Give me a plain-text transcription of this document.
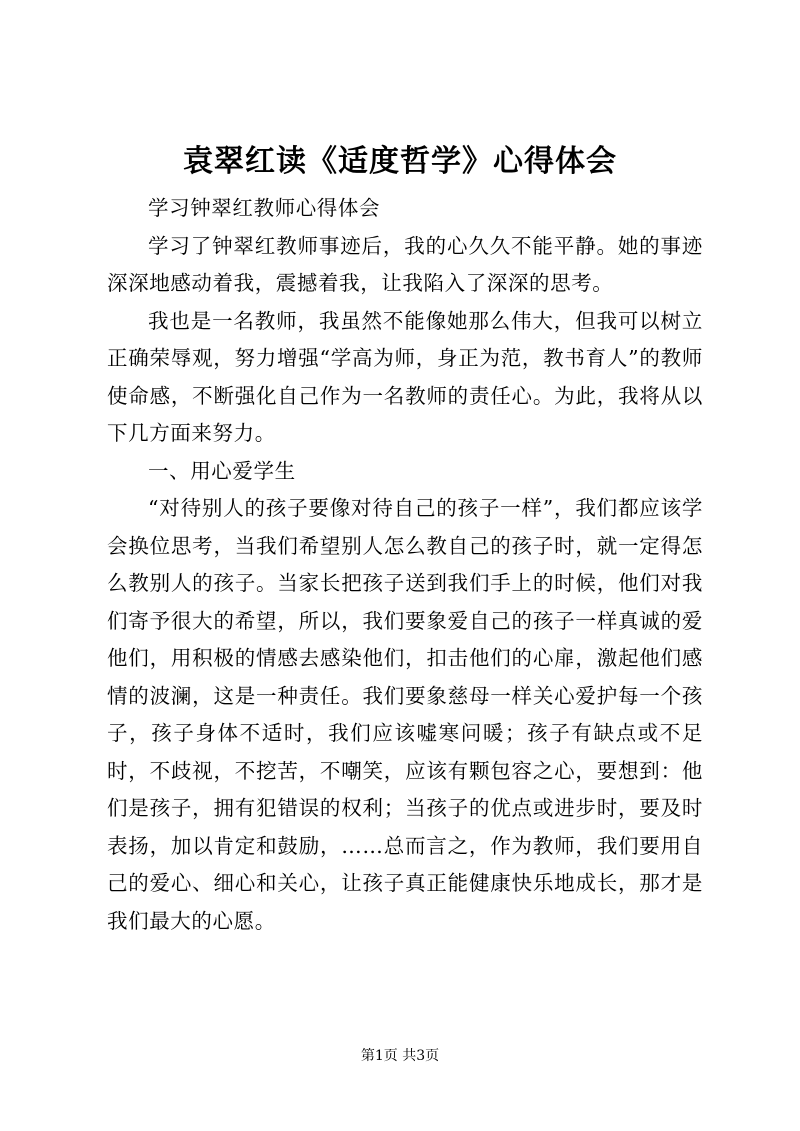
袁翠红读《适度哲学》心得体会

学习钟翠红教师心得体会

学习了钟翠红教师事迹后，我的心久久不能平静。她的事迹深深地感动着我，震撼着我，让我陷入了深深的思考。

我也是一名教师，我虽然不能像她那么伟大，但我可以树立正确荣辱观，努力增强“学高为师，身正为范，教书育人”的教师使命感，不断强化自己作为一名教师的责任心。为此，我将从以下几方面来努力。

一、用心爱学生

“对待别人的孩子要像对待自己的孩子一样”，我们都应该学会换位思考，当我们希望别人怎么教自己的孩子时，就一定得怎么教别人的孩子。当家长把孩子送到我们手上的时候，他们对我们寄予很大的希望，所以，我们要象爱自己的孩子一样真诚的爱他们，用积极的情感去感染他们，扣击他们的心扉，激起他们感情的波澜，这是一种责任。我们要象慈母一样关心爱护每一个孩子，孩子身体不适时，我们应该嘘寒问暖；孩子有缺点或不足时，不歧视，不挖苦，不嘲笑，应该有颗包容之心，要想到：他们是孩子，拥有犯错误的权利；当孩子的优点或进步时，要及时表扬，加以肯定和鼓励，……总而言之，作为教师，我们要用自己的爱心、细心和关心，让孩子真正能健康快乐地成长，那才是我们最大的心愿。

第1页 共3页
